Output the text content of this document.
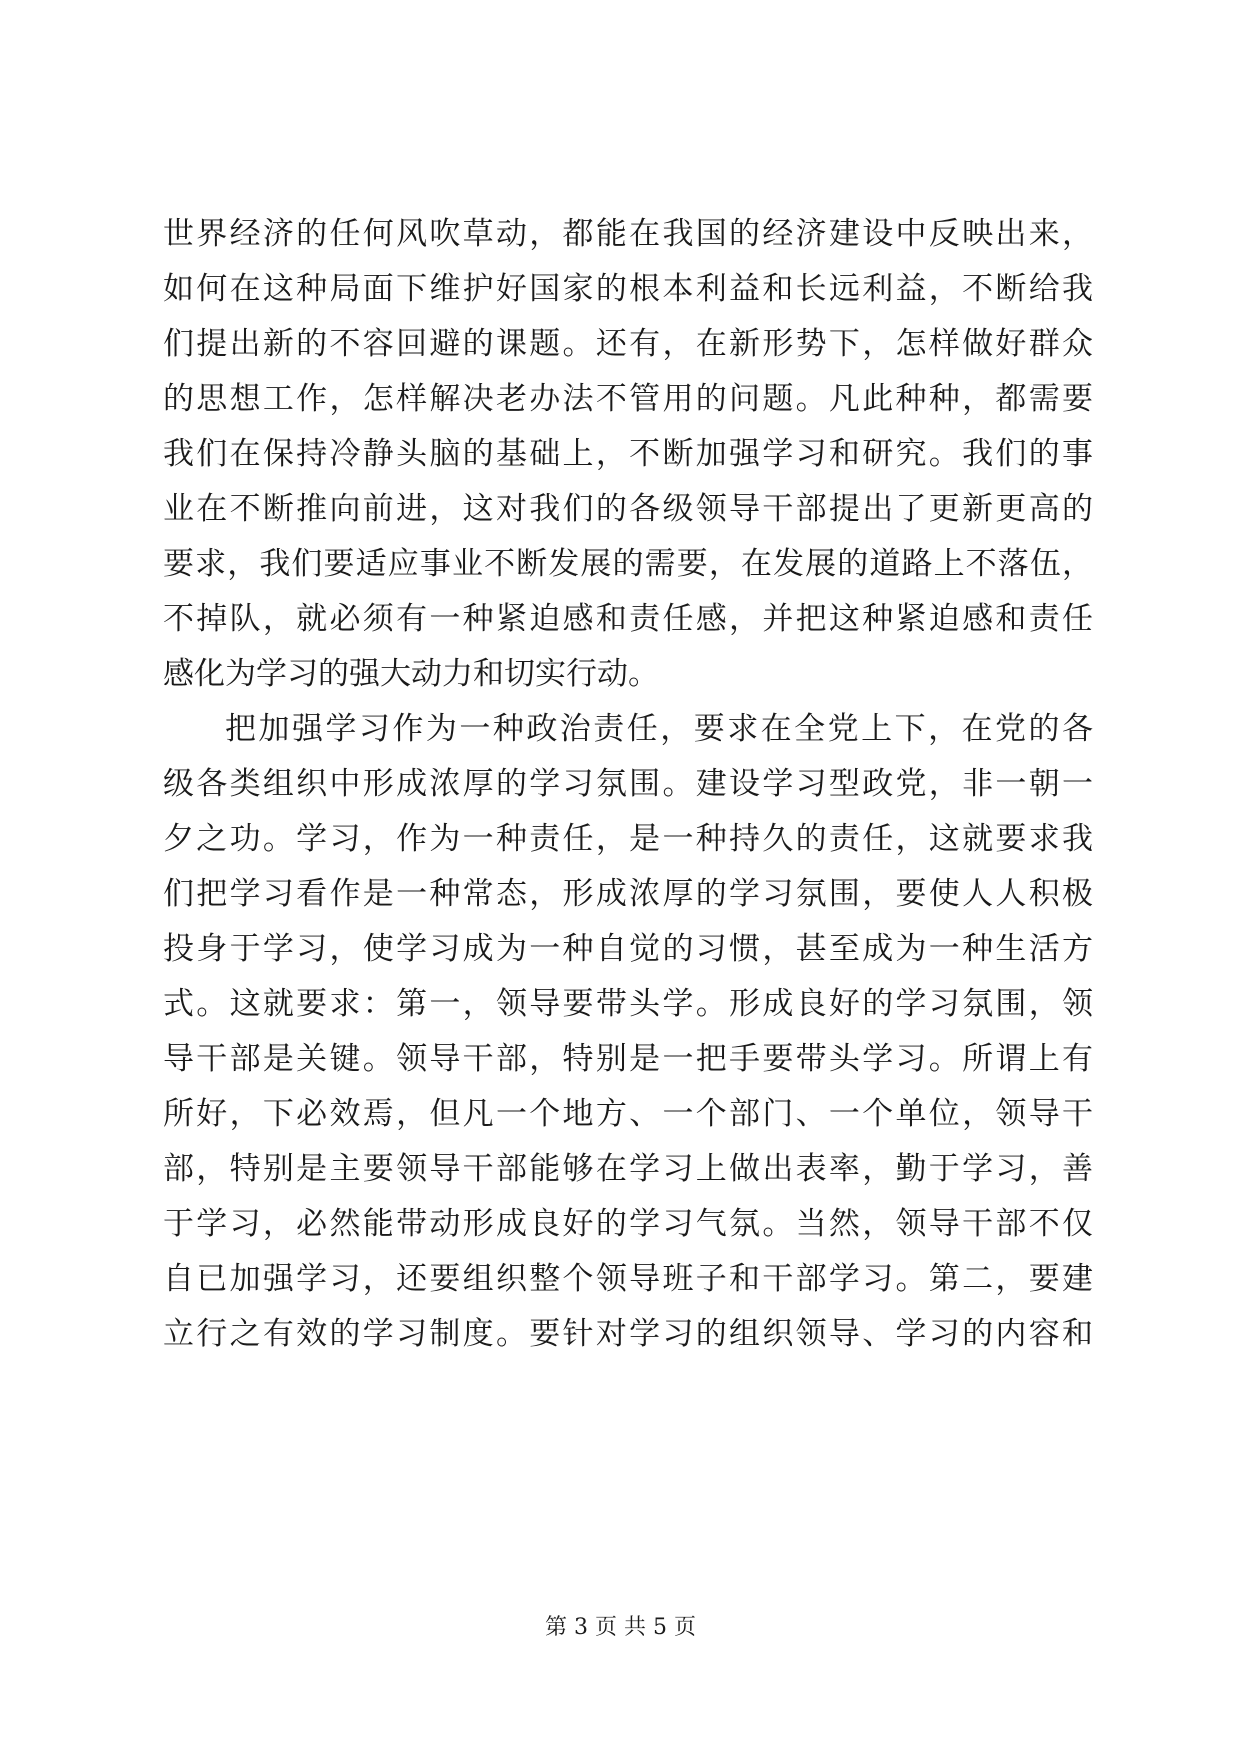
世界经济的任何风吹草动，都能在我国的经济建设中反映出来，
如何在这种局面下维护好国家的根本利益和长远利益，不断给我
们提出新的不容回避的课题。还有，在新形势下，怎样做好群众
的思想工作，怎样解决老办法不管用的问题。凡此种种，都需要
我们在保持冷静头脑的基础上，不断加强学习和研究。我们的事
业在不断推向前进，这对我们的各级领导干部提出了更新更高的
要求，我们要适应事业不断发展的需要，在发展的道路上不落伍，
不掉队，就必须有一种紧迫感和责任感，并把这种紧迫感和责任
感化为学习的强大动力和切实行动。
把加强学习作为一种政治责任，要求在全党上下，在党的各
级各类组织中形成浓厚的学习氛围。建设学习型政党，非一朝一
夕之功。学习，作为一种责任，是一种持久的责任，这就要求我
们把学习看作是一种常态，形成浓厚的学习氛围，要使人人积极
投身于学习，使学习成为一种自觉的习惯，甚至成为一种生活方
式。这就要求：第一，领导要带头学。形成良好的学习氛围，领
导干部是关键。领导干部，特别是一把手要带头学习。所谓上有
所好，下必效焉，但凡一个地方、一个部门、一个单位，领导干
部，特别是主要领导干部能够在学习上做出表率，勤于学习，善
于学习，必然能带动形成良好的学习气氛。当然，领导干部不仅
自已加强学习，还要组织整个领导班子和干部学习。第二，要建
立行之有效的学习制度。要针对学习的组织领导、学习的内容和
第 3 页 共 5 页
